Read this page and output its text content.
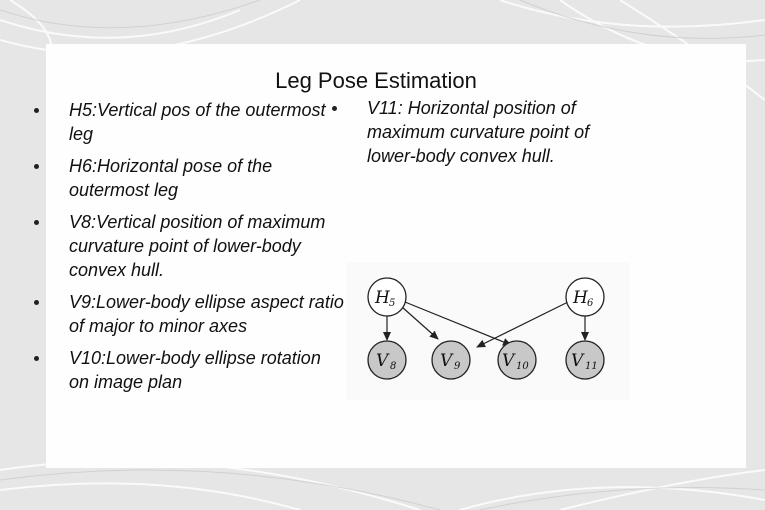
Leg Pose Estimation
H5:Vertical pos of the outermost leg
H6:Horizontal pose of the outermost leg
V8:Vertical position of maximum curvature point of lower-body convex hull.
V9:Lower-body ellipse aspect ratio of major to minor axes
V10:Lower-body ellipse rotation on image plan
V11: Horizontal position of maximum curvature point of lower-body convex hull.
H 5	H 6
V 8	V 9 V 10 V 11
